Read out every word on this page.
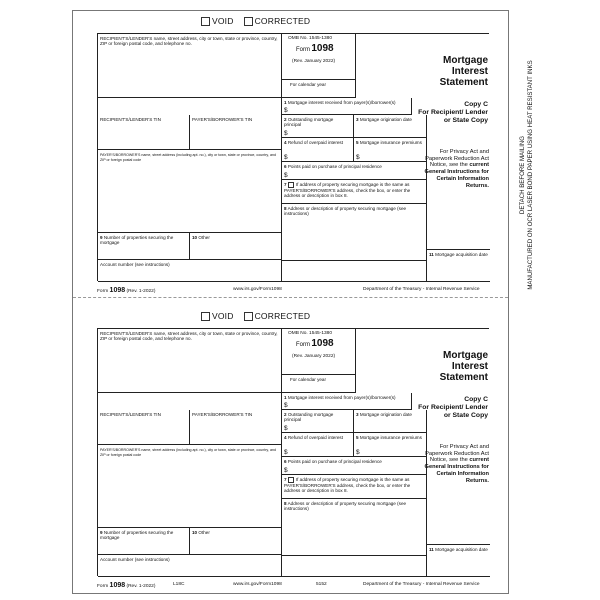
VOID CORRECTED
RECIPIENT'S/LENDER'S name, street address, city or town, state or province, country, ZIP or foreign postal code, and telephone no.
OMB No. 1545-1380
Form 1098
(Rev. January 2022)
For calendar year
1 Mortgage interest received from payer(s)/borrower(s)
$
RECIPIENT'S/LENDER'S TIN	PAYER'S/BORROWER'S TIN	2 Outstanding mortgage principal
$
3 Mortgage origination date
PAYER'S/BORROWER'S name, street address (including apt. no.), city or town, state or province, country, and ZIP or foreign postal code
4 Refund of overpaid interest
$
5 Mortgage insurance premiums
$
6 Points paid on purchase of principal residence
$
7 If address of property securing mortgage is the same as PAYER'S/BORROWER'S address, check the box, or enter the address or description in box 8.
8 Address or description of property securing mortgage (see instructions)
9 Number of properties securing the mortgage
10 Other
Account number (see instructions)
11 Mortgage acquisition date
Mortgage
Interest
Statement
Copy C
For Recipient/ Lender or State Copy
For Privacy Act and Paperwork Reduction Act Notice, see the current General Instructions for Certain Information Returns.
Form 1098 (Rev. 1-2022)	www.irs.gov/Form1098	Department of the Treasury - Internal Revenue Service
VOID CORRECTED
RECIPIENT'S/LENDER'S name, street address, city or town, state or province, country, ZIP or foreign postal code, and telephone no.
OMB No. 1545-1380
Form 1098
(Rev. January 2022)
For calendar year
1 Mortgage interest received from payer(s)/borrower(s)
$
RECIPIENT'S/LENDER'S TIN	PAYER'S/BORROWER'S TIN	2 Outstanding mortgage principal
$
3 Mortgage origination date
PAYER'S/BORROWER'S name, street address (including apt. no.), city or town, state or province, country, and ZIP or foreign postal code
4 Refund of overpaid interest
$
5 Mortgage insurance premiums
$
6 Points paid on purchase of principal residence
$
7 If address of property securing mortgage is the same as PAYER'S/BORROWER'S address, check the box, or enter the address or description in box 8.
8 Address or description of property securing mortgage (see instructions)
9 Number of properties securing the mortgage
10 Other
Account number (see instructions)
11 Mortgage acquisition date
Mortgage
Interest
Statement
Copy C
For Recipient/ Lender or State Copy
For Privacy Act and Paperwork Reduction Act Notice, see the current General Instructions for Certain Information Returns.
Form 1098 (Rev. 1-2022)	L18C	www.irs.gov/Form1098	5152	Department of the Treasury - Internal Revenue Service
DETACH BEFORE MAILING MANUFACTURED ON OCR LASER BOND PAPER USING HEAT RESISTANT INKS
